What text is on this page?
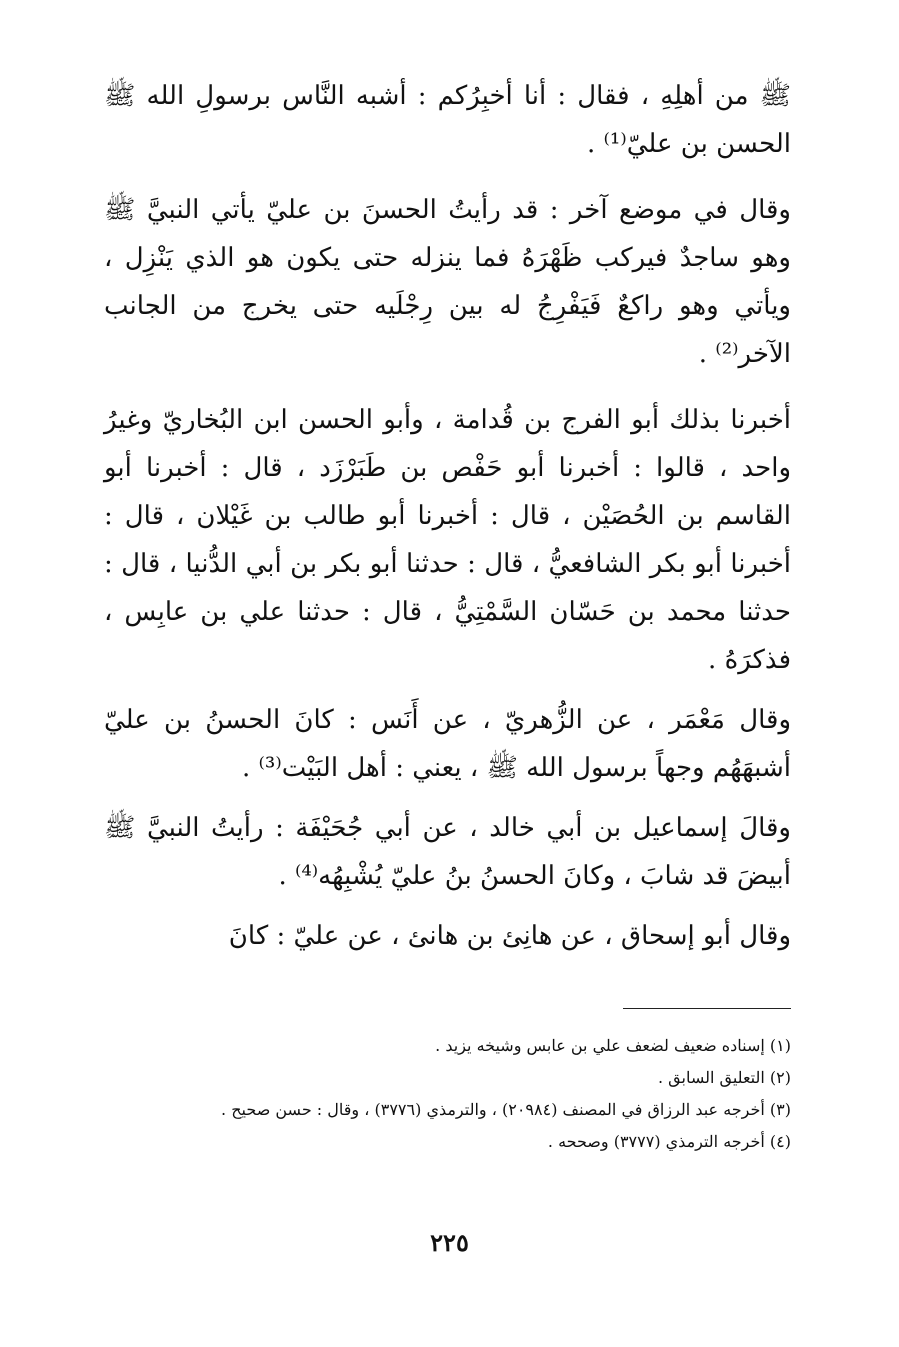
ﷺ من أهلِهِ ، فقال : أنا أخبِرُكم : أشبه النَّاس برسولِ الله ﷺ الحسن بن عليّ⁽¹⁾ .

وقال في موضع آخر : قد رأيتُ الحسنَ بن عليّ يأتي النبيَّ ﷺ وهو ساجدٌ فيركب ظَهْرَهُ فما ينزله حتى يكون هو الذي يَنْزِل ، ويأتي وهو راكعٌ فَيَفْرِجُ له بين رِجْلَيه حتى يخرج من الجانب الآخر⁽²⁾ .

أخبرنا بذلك أبو الفرج بن قُدامة ، وأبو الحسن ابن البُخاريّ وغيرُ واحد ، قالوا : أخبرنا أبو حَفْص بن طَبَرْزَد ، قال : أخبرنا أبو القاسم بن الحُصَيْن ، قال : أخبرنا أبو طالب بن غَيْلان ، قال : أخبرنا أبو بكر الشافعيُّ ، قال : حدثنا أبو بكر بن أبي الدُّنيا ، قال : حدثنا محمد بن حَسّان السَّمْتِيُّ ، قال : حدثنا علي بن عابِس ، فذكرَهُ .

وقال مَعْمَر ، عن الزُّهريّ ، عن أَنَس : كانَ الحسنُ بن عليّ أشبهَهُم وجهاً برسول الله ﷺ ، يعني : أهل البَيْت⁽³⁾ .

وقالَ إسماعيل بن أبي خالد ، عن أبي جُحَيْفَة : رأيتُ النبيَّ ﷺ أبيضَ قد شابَ ، وكانَ الحسنُ بنُ عليّ يُشْبِهُه⁽⁴⁾ .

وقال أبو إسحاق ، عن هانِئ بن هانئ ، عن عليّ : كانَ

(١) إسناده ضعيف لضعف علي بن عابس وشيخه يزيد .

(٢) التعليق السابق .

(٣) أخرجه عبد الرزاق في المصنف (٢٠٩٨٤) ، والترمذي (٣٧٧٦) ، وقال : حسن صحيح .

(٤) أخرجه الترمذي (٣٧٧٧) وصححه .

٢٢٥
